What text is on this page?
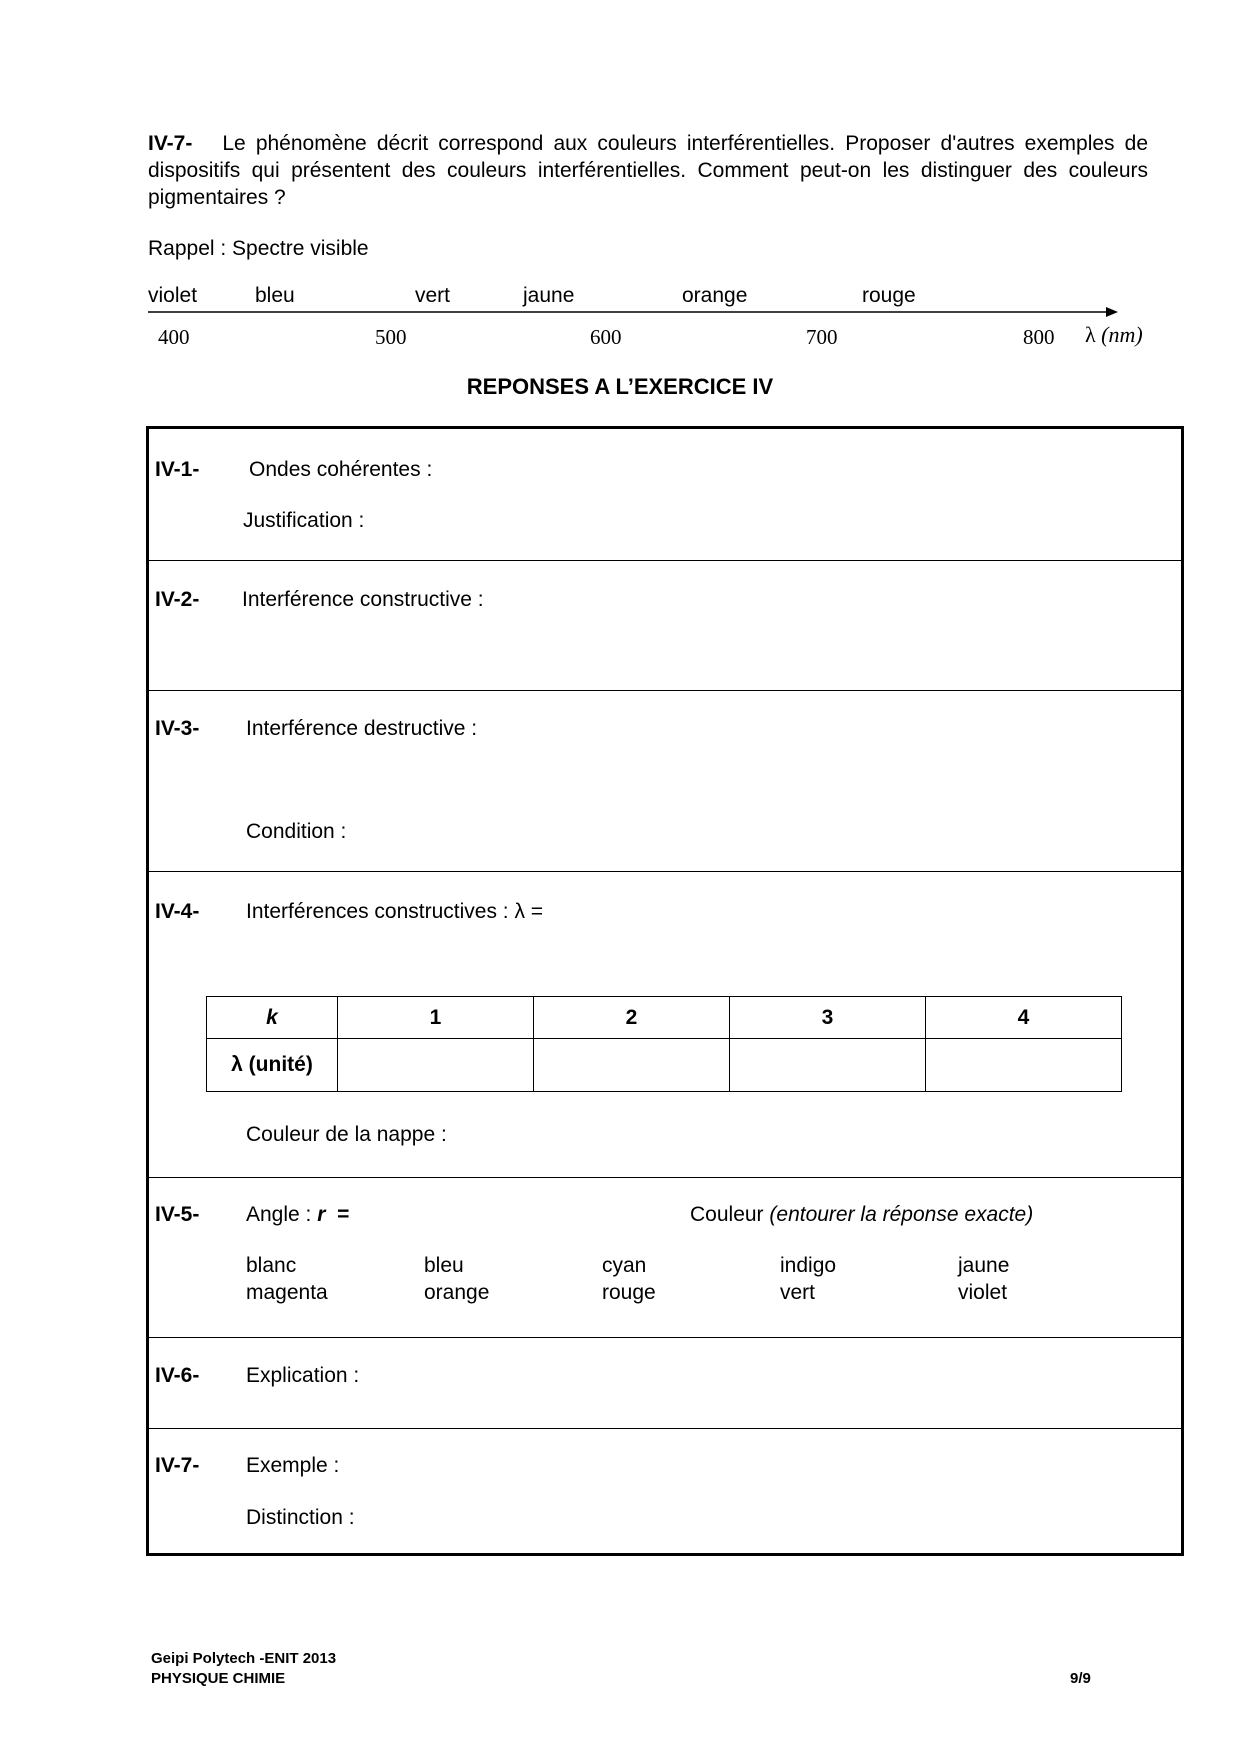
IV-7- Le phénomène décrit correspond aux couleurs interférentielles. Proposer d'autres exemples de dispositifs qui présentent des couleurs interférentielles. Comment peut-on les distinguer des couleurs pigmentaires ?
Rappel : Spectre visible
violet	bleu	vert	jaune	orange	rouge
400	500	600	700	800 λ (nm)
REPONSES A L’EXERCICE IV
IV-1- Ondes cohérentes :
Justification :
IV-2- Interférence constructive :
IV-3- Interférence destructive :
Condition :
IV-4- Interférences constructives : λ =
k	1	2	3	4
λ (unité)				
Couleur de la nappe :
IV-5- Angle : r =	Couleur (entourer la réponse exacte)
blanc	bleu	cyan	indigo	jaune
magenta	orange	rouge	vert	violet
IV-6- Explication :
IV-7- Exemple :
Distinction :
Geipi Polytech -ENIT 2013
PHYSIQUE CHIMIE	9/9
